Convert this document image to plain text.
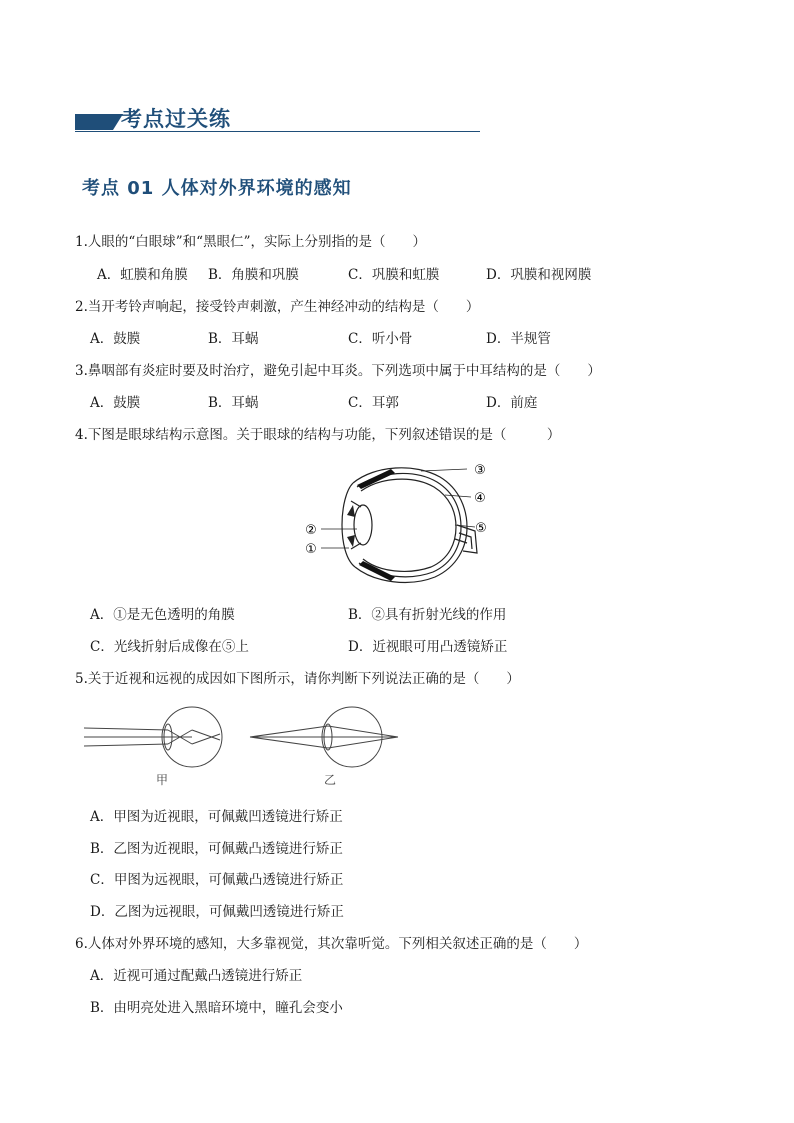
考点过关练
考点 01 人体对外界环境的感知
1.人眼的“白眼球”和“黑眼仁”，实际上分别指的是（　　）
A．虹膜和角膜 B．角膜和巩膜	C．巩膜和虹膜	D．巩膜和视网膜
2.当开考铃声响起，接受铃声刺激，产生神经冲动的结构是（　　）
A．鼓膜	B．耳蜗	C．听小骨	D．半规管
3.鼻咽部有炎症时要及时治疗，避免引起中耳炎。下列选项中属于中耳结构的是（　　）
A．鼓膜	B．耳蜗	C．耳郭	D．前庭
4.下图是眼球结构示意图。关于眼球的结构与功能，下列叙述错误的是（　　　）
③
④
⑤
②
①
A．①是无色透明的角膜	B．②具有折射光线的作用
C．光线折射后成像在⑤上	D．近视眼可用凸透镜矫正
5.关于近视和远视的成因如下图所示，请你判断下列说法正确的是（　　）
甲	乙
A．甲图为近视眼，可佩戴凹透镜进行矫正
B．乙图为近视眼，可佩戴凸透镜进行矫正
C．甲图为远视眼，可佩戴凸透镜进行矫正
D．乙图为远视眼，可佩戴凹透镜进行矫正
6.人体对外界环境的感知，大多靠视觉，其次靠听觉。下列相关叙述正确的是（　　）
A．近视可通过配戴凸透镜进行矫正
B．由明亮处进入黑暗环境中，瞳孔会变小
